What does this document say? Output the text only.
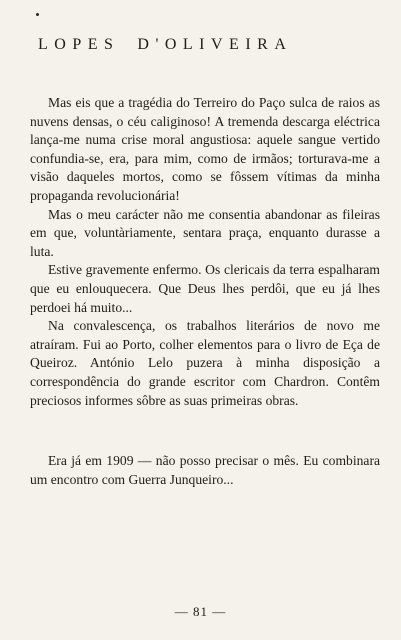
LOPES D'OLIVEIRA

Mas eis que a tragédia do Terreiro do Paço sulca de raios as nuvens densas, o céu caliginoso! A tremenda descarga eléctrica lança-me numa crise moral angustiosa: aquele sangue vertido confundia-se, era, para mim, como de irmãos; torturava-me a visão daqueles mortos, como se fôssem vítimas da minha propaganda revolucionária!

Mas o meu carácter não me consentia abandonar as fileiras em que, voluntàriamente, sentara praça, enquanto durasse a luta.

Estive gravemente enfermo. Os clericais da terra espalharam que eu enlouquecera. Que Deus lhes perdôi, que eu já lhes perdoei há muito...

Na convalescença, os trabalhos literários de novo me atraíram. Fui ao Porto, colher elementos para o livro de Eça de Queiroz. António Lelo puzera à minha disposição a correspondência do grande escritor com Chardron. Contêm preciosos informes sôbre as suas primeiras obras.

Era já em 1909 — não posso precisar o mês. Eu combinara um encontro com Guerra Junqueiro...

— 81 —
